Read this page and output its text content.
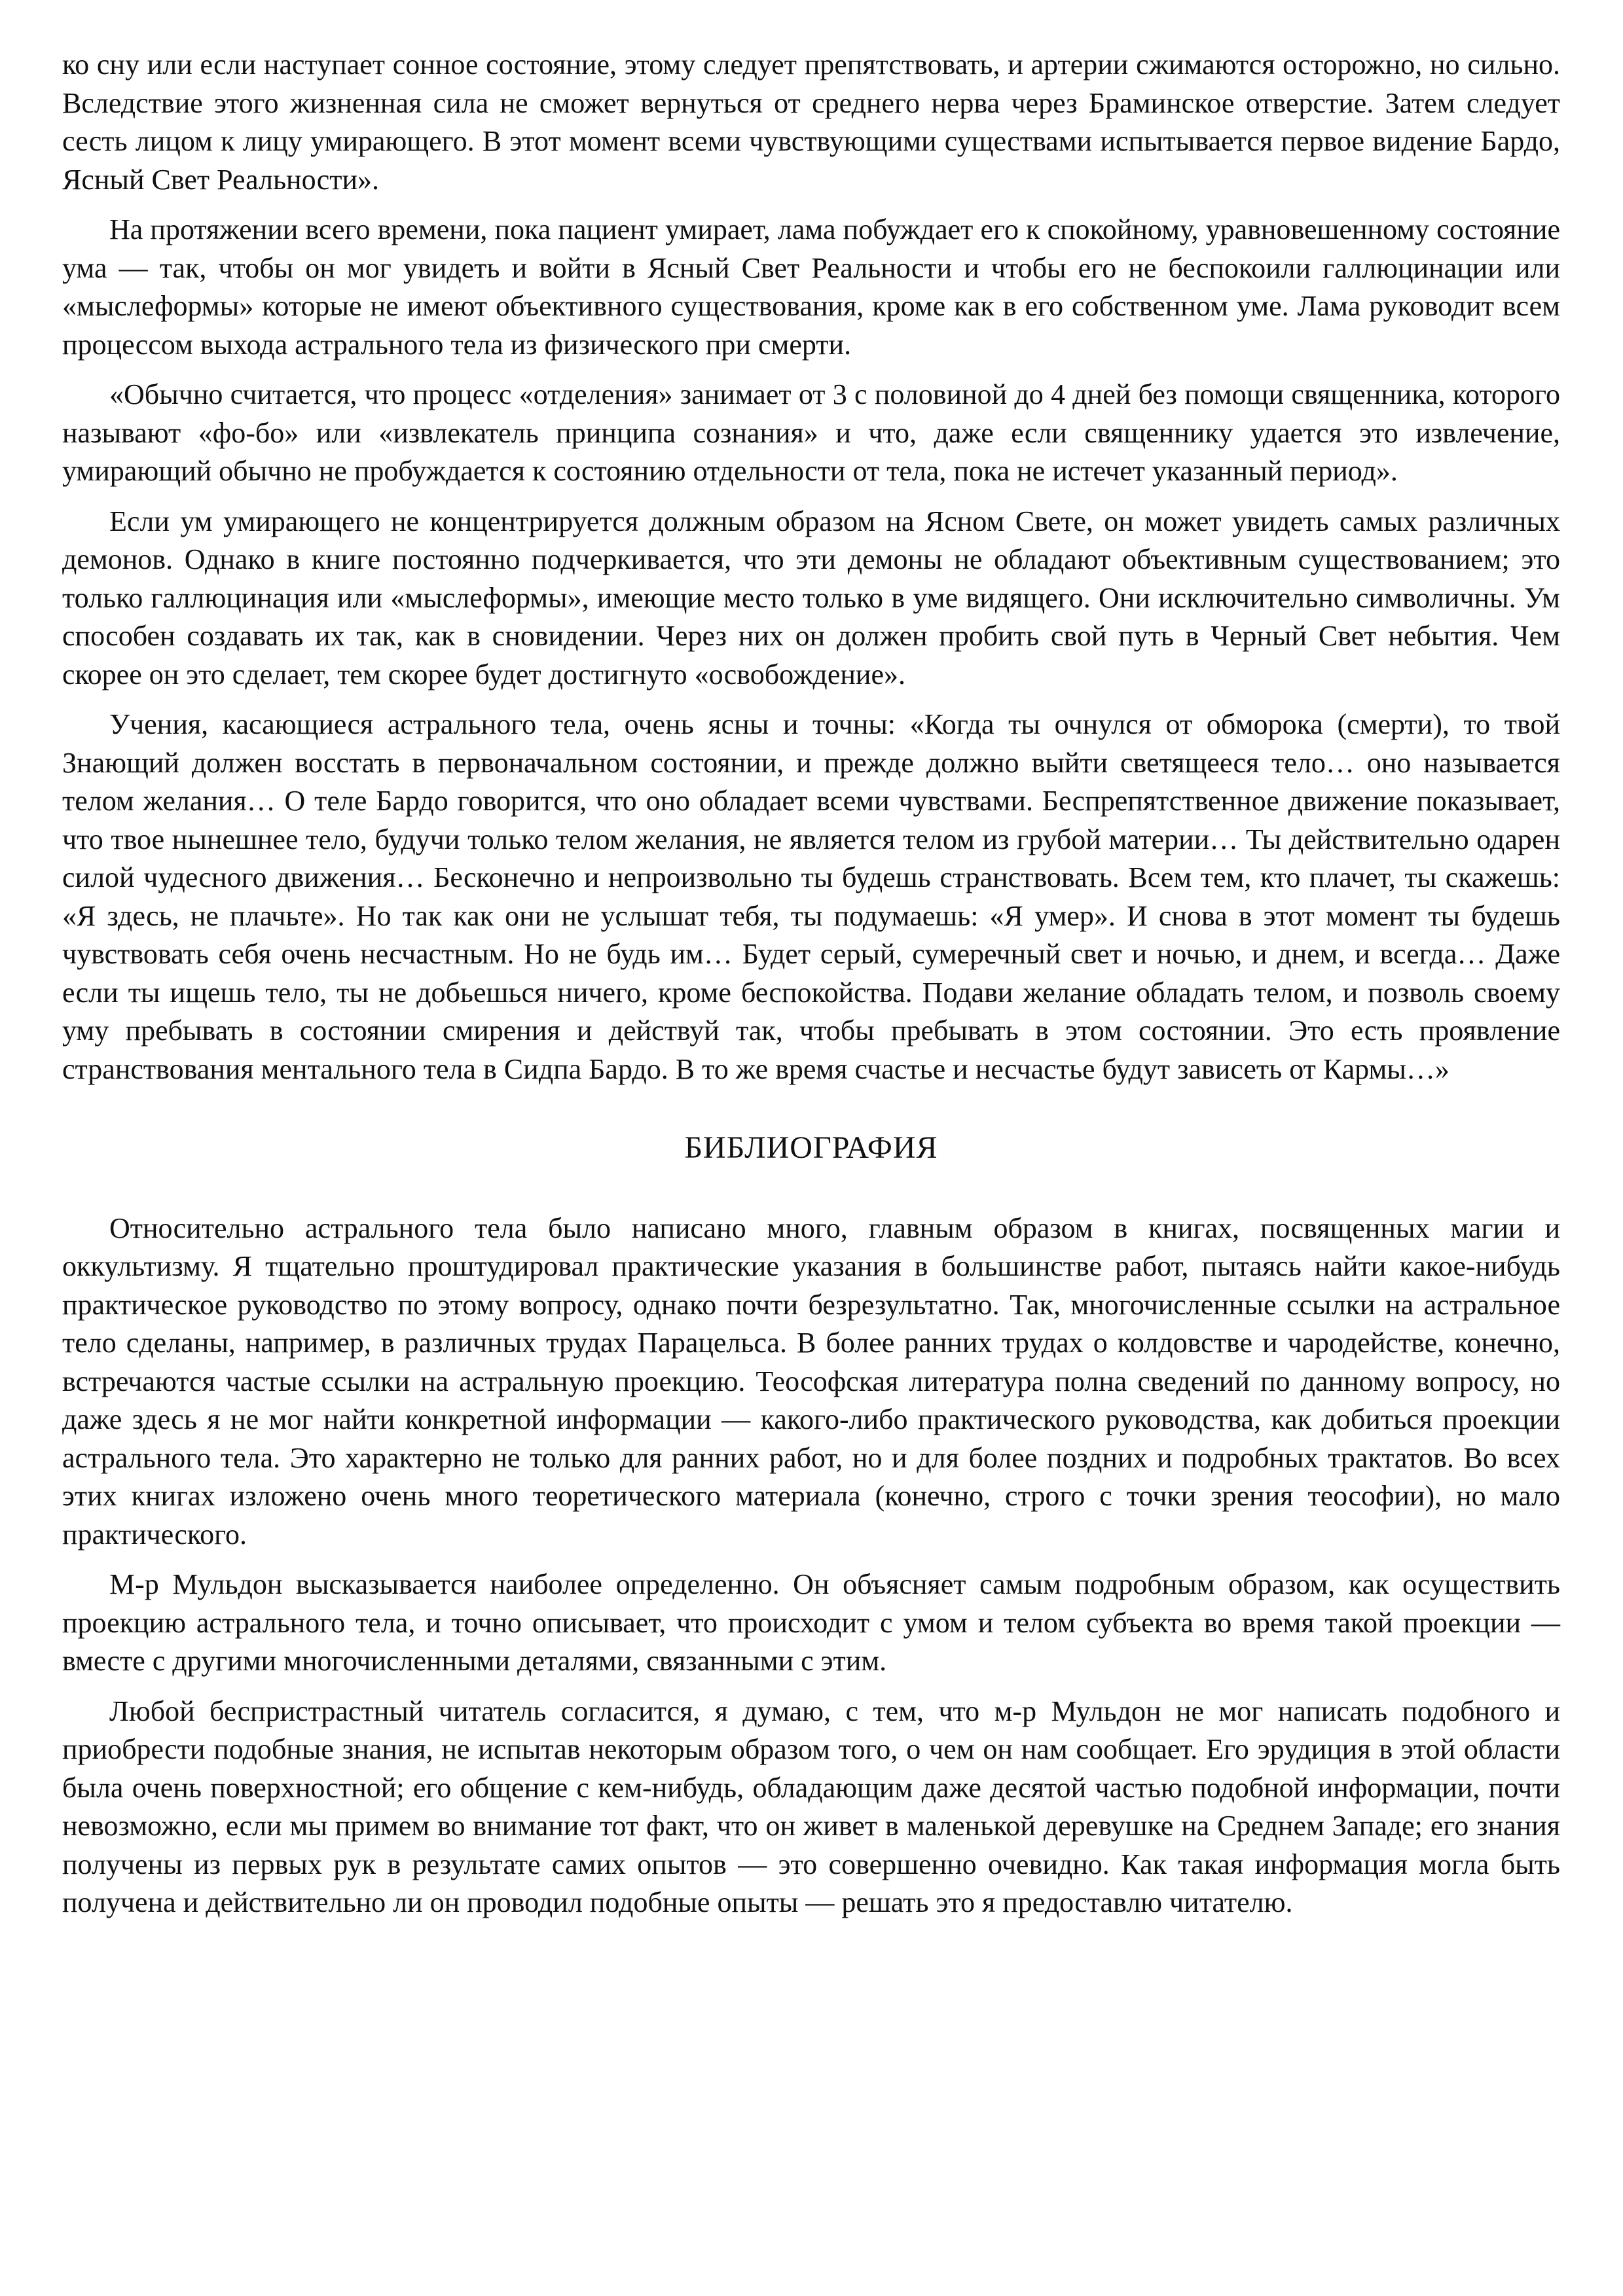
ко сну или если наступает сонное состояние, этому следует препятствовать, и артерии сжимаются осторожно, но сильно. Вследствие этого жизненная сила не сможет вернуться от среднего нерва через Браминское отверстие. Затем следует сесть лицом к лицу умирающего. В этот момент всеми чувствующими существами испытывается первое видение Бардо, Ясный Свет Реальности».

На протяжении всего времени, пока пациент умирает, лама побуждает его к спокойному, уравновешенному состояние ума — так, чтобы он мог увидеть и войти в Ясный Свет Реальности и чтобы его не беспокоили галлюцинации или «мыслеформы» которые не имеют объективного существования, кроме как в его собственном уме. Лама руководит всем процессом выхода астрального тела из физического при смерти.

«Обычно считается, что процесс «отделения» занимает от 3 с половиной до 4 дней без помощи священника, которого называют «фо-бо» или «извлекатель принципа сознания» и что, даже если священнику удается это извлечение, умирающий обычно не пробуждается к состоянию отдельности от тела, пока не истечет указанный период».

Если ум умирающего не концентрируется должным образом на Ясном Свете, он может увидеть самых различных демонов. Однако в книге постоянно подчеркивается, что эти демоны не обладают объективным существованием; это только галлюцинация или «мыслеформы», имеющие место только в уме видящего. Они исключительно символичны. Ум способен создавать их так, как в сновидении. Через них он должен пробить свой путь в Черный Свет небытия. Чем скорее он это сделает, тем скорее будет достигнуто «освобождение».

Учения, касающиеся астрального тела, очень ясны и точны: «Когда ты очнулся от обморока (смерти), то твой Знающий должен восстать в первоначальном состоянии, и прежде должно выйти светящееся тело… оно называется телом желания… О теле Бардо говорится, что оно обладает всеми чувствами. Беспрепятственное движение показывает, что твое нынешнее тело, будучи только телом желания, не является телом из грубой материи… Ты действительно одарен силой чудесного движения… Бесконечно и непроизвольно ты будешь странствовать. Всем тем, кто плачет, ты скажешь: «Я здесь, не плачьте». Но так как они не услышат тебя, ты подумаешь: «Я умер». И снова в этот момент ты будешь чувствовать себя очень несчастным. Но не будь им… Будет серый, сумеречный свет и ночью, и днем, и всегда… Даже если ты ищешь тело, ты не добьешься ничего, кроме беспокойства. Подави желание обладать телом, и позволь своему уму пребывать в состоянии смирения и действуй так, чтобы пребывать в этом состоянии. Это есть проявление странствования ментального тела в Сидпа Бардо. В то же время счастье и несчастье будут зависеть от Кармы…»

БИБЛИОГРАФИЯ

Относительно астрального тела было написано много, главным образом в книгах, посвященных магии и оккультизму. Я тщательно проштудировал практические указания в большинстве работ, пытаясь найти какое-нибудь практическое руководство по этому вопросу, однако почти безрезультатно. Так, многочисленные ссылки на астральное тело сделаны, например, в различных трудах Парацельса. В более ранних трудах о колдовстве и чародействе, конечно, встречаются частые ссылки на астральную проекцию. Теософская литература полна сведений по данному вопросу, но даже здесь я не мог найти конкретной информации — какого-либо практического руководства, как добиться проекции астрального тела. Это характерно не только для ранних работ, но и для более поздних и подробных трактатов. Во всех этих книгах изложено очень много теоретического материала (конечно, строго с точки зрения теософии), но мало практического.

М-р Мульдон высказывается наиболее определенно. Он объясняет самым подробным образом, как осуществить проекцию астрального тела, и точно описывает, что происходит с умом и телом субъекта во время такой проекции — вместе с другими многочисленными деталями, связанными с этим.

Любой беспристрастный читатель согласится, я думаю, с тем, что м-р Мульдон не мог написать подобного и приобрести подобные знания, не испытав некоторым образом того, о чем он нам сообщает. Его эрудиция в этой области была очень поверхностной; его общение с кем-нибудь, обладающим даже десятой частью подобной информации, почти невозможно, если мы примем во внимание тот факт, что он живет в маленькой деревушке на Среднем Западе; его знания получены из первых рук в результате самих опытов — это совершенно очевидно. Как такая информация могла быть получена и действительно ли он проводил подобные опыты — решать это я предоставлю читателю.
